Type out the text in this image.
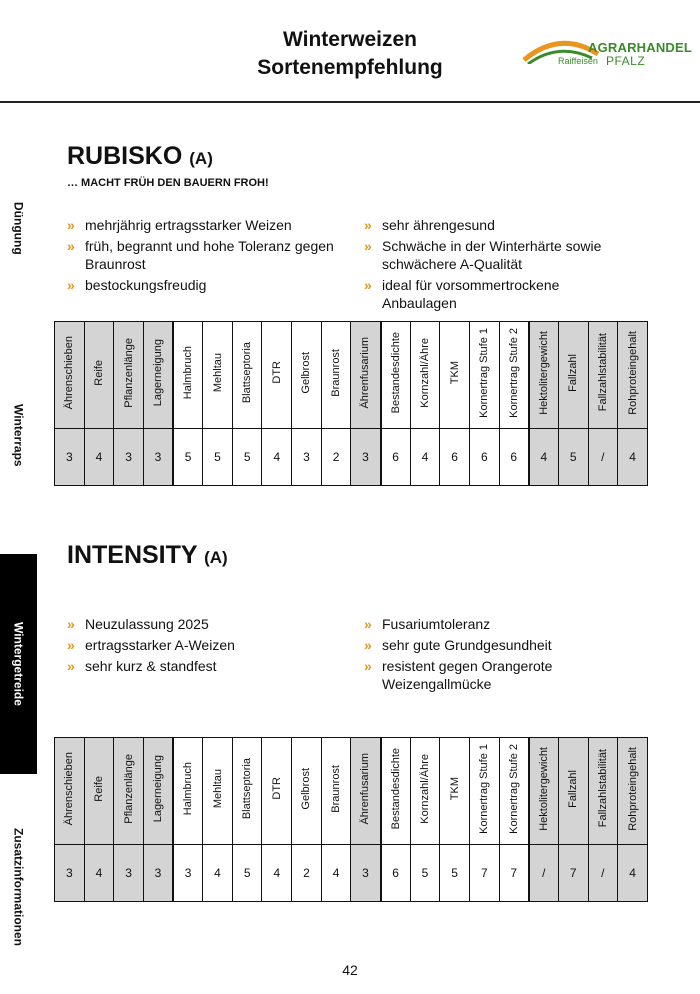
Winterweizen
Sortenempfehlung
AGRARHANDEL
Raiffeisen PFALZ
Düngung
Winterraps
Wintergetreide
Zusatzinformationen
RUBISKO (A)
… MACHT FRÜH DEN BAUERN FROH!
» mehrjährig ertragsstarker Weizen
» früh, begrannt und hohe Toleranz gegen Braunrost
» bestockungsfreudig
» sehr ährengesund
» Schwäche in der Winterhärte sowie schwächere A-Qualität
» ideal für vorsommertrockene Anbaulagen
Ährenschieben	Reife	Pflanzenlänge	Lagerneigung	Halmbruch	Mehltau	Blattseptoria	DTR	Gelbrost	Braunrost	Ährenfusarium	Bestandesdichte	Kornzahl/Ähre	TKM	Kornertrag Stufe 1	Kornertrag Stufe 2	Hektolitergewicht	Fallzahl	Fallzahlstabilität	Rohproteingehalt
3	4	3	3	5	5	5	4	3	2	3	6	4	6	6	6	4	5	/	4
INTENSITY (A)
» Neuzulassung 2025
» ertragsstarker A-Weizen
» sehr kurz & standfest
» Fusariumtoleranz
» sehr gute Grundgesundheit
» resistent gegen Orangerote Weizengallmücke
Ährenschieben	Reife	Pflanzenlänge	Lagerneigung	Halmbruch	Mehltau	Blattseptoria	DTR	Gelbrost	Braunrost	Ährenfusarium	Bestandesdichte	Kornzahl/Ähre	TKM	Kornertrag Stufe 1	Kornertrag Stufe 2	Hektolitergewicht	Fallzahl	Fallzahlstabilität	Rohproteingehalt
3	4	3	3	3	4	5	4	2	4	3	6	5	5	7	7	/	7	/	4
42
